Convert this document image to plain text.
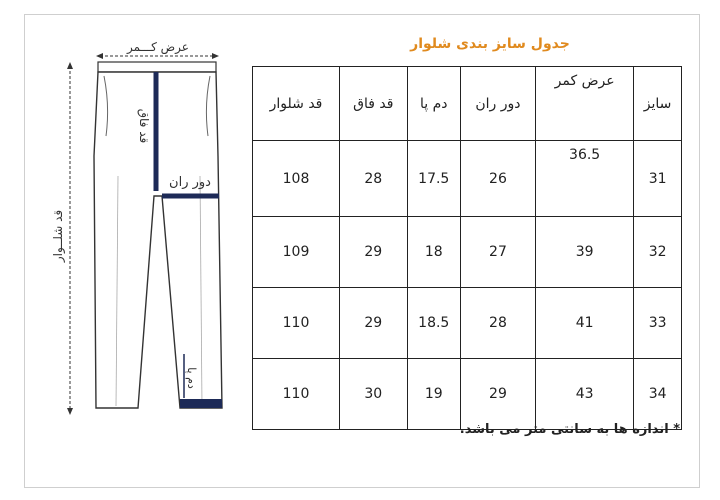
عرض کـــمر
قد شلــوار
قد فاق
دور ران
دم پا
جدول سایز بندی شلوار
سایز	عرض کمر	دور ران	دم پا	قد فاق	قد شلوار
31	36.5	26	17.5	28	108
32	39	27	18	29	109
33	41	28	18.5	29	110
34	43	29	19	30	110
* اندازه ها به سانتی متر می باشد.
